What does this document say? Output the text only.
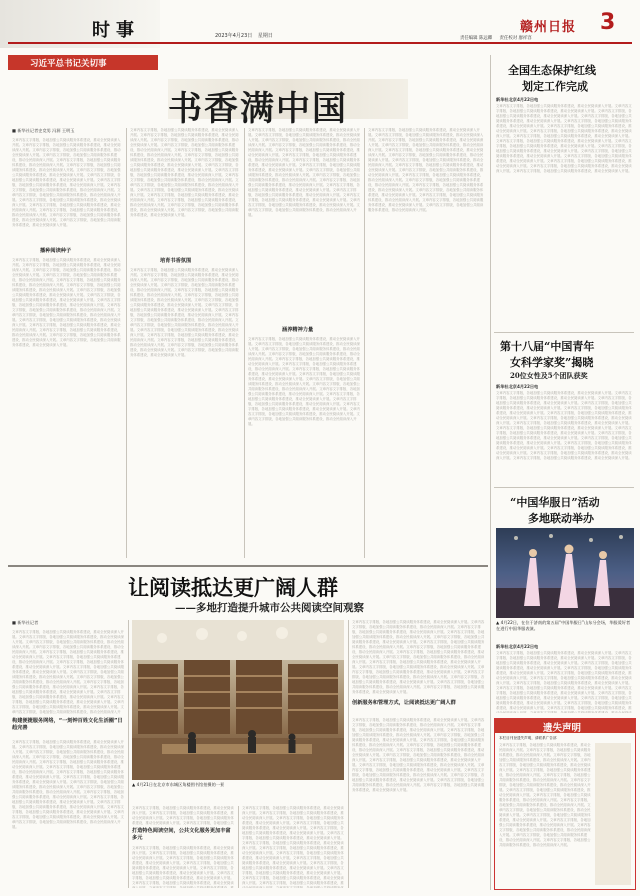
时事	2023年4月23日 星期日
赣州日报 3
责任编辑 陈远卿 责任校对 廖祥容
习近平总书记关切事
书香满中国
■ 新华社记者史竞男 冯源 王明玉
文章内容文字排版，各地加强公共阅读服务体系建设，推动全民阅读深入开展。文章内容文字排版，各地加强公共阅读服务体系建设，推动全民阅读深入开展。文章内容文字排版，各地加强公共阅读服务体系建设，推动全民阅读深入开展。文章内容文字排版，各地加强公共阅读服务体系建设，推动全民阅读深入开展。文章内容文字排版，各地加强公共阅读服务体系建设，推动全民阅读深入开展。文章内容文字排版，各地加强公共阅读服务体系建设，推动全民阅读深入开展。文章内容文字排版，各地加强公共阅读服务体系建设，推动全民阅读深入开展。文章内容文字排版，各地加强公共阅读服务体系建设，推动全民阅读深入开展。文章内容文字排版，各地加强公共阅读服务体系建设，推动全民阅读深入开展。文章内容文字排版，各地加强公共阅读服务体系建设，推动全民阅读深入开展。文章内容文字排版，各地加强公共阅读服务体系建设，推动全民阅读深入开展。文章内容文字排版，各地加强公共阅读服务体系建设，推动全民阅读深入开展。文章内容文字排版，各地加强公共阅读服务体系建设，推动全民阅读深入开展。文章内容文字排版，各地加强公共阅读服务体系建设，推动全民阅读深入开展。文章内容文字排版，各地加强公共阅读服务体系建设，推动全民阅读深入开展。文章内容文字排版，各地加强公共阅读服务体系建设，推动全民阅读深入开展。
播种阅读种子
文章内容文字排版，各地加强公共阅读服务体系建设，推动全民阅读深入开展。文章内容文字排版，各地加强公共阅读服务体系建设，推动全民阅读深入开展。文章内容文字排版，各地加强公共阅读服务体系建设，推动全民阅读深入开展。文章内容文字排版，各地加强公共阅读服务体系建设，推动全民阅读深入开展。文章内容文字排版，各地加强公共阅读服务体系建设，推动全民阅读深入开展。文章内容文字排版，各地加强公共阅读服务体系建设，推动全民阅读深入开展。文章内容文字排版，各地加强公共阅读服务体系建设，推动全民阅读深入开展。文章内容文字排版，各地加强公共阅读服务体系建设，推动全民阅读深入开展。文章内容文字排版，各地加强公共阅读服务体系建设，推动全民阅读深入开展。文章内容文字排版，各地加强公共阅读服务体系建设，推动全民阅读深入开展。文章内容文字排版，各地加强公共阅读服务体系建设，推动全民阅读深入开展。文章内容文字排版，各地加强公共阅读服务体系建设，推动全民阅读深入开展。文章内容文字排版，各地加强公共阅读服务体系建设，推动全民阅读深入开展。文章内容文字排版，各地加强公共阅读服务体系建设，推动全民阅读深入开展。文章内容文字排版，各地加强公共阅读服务体系建设，推动全民阅读深入开展。文章内容文字排版，各地加强公共阅读服务体系建设，推动全民阅读深入开展。
文章内容文字排版，各地加强公共阅读服务体系建设，推动全民阅读深入开展。文章内容文字排版，各地加强公共阅读服务体系建设，推动全民阅读深入开展。文章内容文字排版，各地加强公共阅读服务体系建设，推动全民阅读深入开展。文章内容文字排版，各地加强公共阅读服务体系建设，推动全民阅读深入开展。文章内容文字排版，各地加强公共阅读服务体系建设，推动全民阅读深入开展。文章内容文字排版，各地加强公共阅读服务体系建设，推动全民阅读深入开展。文章内容文字排版，各地加强公共阅读服务体系建设，推动全民阅读深入开展。文章内容文字排版，各地加强公共阅读服务体系建设，推动全民阅读深入开展。文章内容文字排版，各地加强公共阅读服务体系建设，推动全民阅读深入开展。文章内容文字排版，各地加强公共阅读服务体系建设，推动全民阅读深入开展。文章内容文字排版，各地加强公共阅读服务体系建设，推动全民阅读深入开展。文章内容文字排版，各地加强公共阅读服务体系建设，推动全民阅读深入开展。文章内容文字排版，各地加强公共阅读服务体系建设，推动全民阅读深入开展。文章内容文字排版，各地加强公共阅读服务体系建设，推动全民阅读深入开展。文章内容文字排版，各地加强公共阅读服务体系建设，推动全民阅读深入开展。文章内容文字排版，各地加强公共阅读服务体系建设，推动全民阅读深入开展。
培育书香氛围
文章内容文字排版，各地加强公共阅读服务体系建设，推动全民阅读深入开展。文章内容文字排版，各地加强公共阅读服务体系建设，推动全民阅读深入开展。文章内容文字排版，各地加强公共阅读服务体系建设，推动全民阅读深入开展。文章内容文字排版，各地加强公共阅读服务体系建设，推动全民阅读深入开展。文章内容文字排版，各地加强公共阅读服务体系建设，推动全民阅读深入开展。文章内容文字排版，各地加强公共阅读服务体系建设，推动全民阅读深入开展。文章内容文字排版，各地加强公共阅读服务体系建设，推动全民阅读深入开展。文章内容文字排版，各地加强公共阅读服务体系建设，推动全民阅读深入开展。文章内容文字排版，各地加强公共阅读服务体系建设，推动全民阅读深入开展。文章内容文字排版，各地加强公共阅读服务体系建设，推动全民阅读深入开展。文章内容文字排版，各地加强公共阅读服务体系建设，推动全民阅读深入开展。文章内容文字排版，各地加强公共阅读服务体系建设，推动全民阅读深入开展。文章内容文字排版，各地加强公共阅读服务体系建设，推动全民阅读深入开展。文章内容文字排版，各地加强公共阅读服务体系建设，推动全民阅读深入开展。文章内容文字排版，各地加强公共阅读服务体系建设，推动全民阅读深入开展。文章内容文字排版，各地加强公共阅读服务体系建设，推动全民阅读深入开展。
文章内容文字排版，各地加强公共阅读服务体系建设，推动全民阅读深入开展。文章内容文字排版，各地加强公共阅读服务体系建设，推动全民阅读深入开展。文章内容文字排版，各地加强公共阅读服务体系建设，推动全民阅读深入开展。文章内容文字排版，各地加强公共阅读服务体系建设，推动全民阅读深入开展。文章内容文字排版，各地加强公共阅读服务体系建设，推动全民阅读深入开展。文章内容文字排版，各地加强公共阅读服务体系建设，推动全民阅读深入开展。文章内容文字排版，各地加强公共阅读服务体系建设，推动全民阅读深入开展。文章内容文字排版，各地加强公共阅读服务体系建设，推动全民阅读深入开展。文章内容文字排版，各地加强公共阅读服务体系建设，推动全民阅读深入开展。文章内容文字排版，各地加强公共阅读服务体系建设，推动全民阅读深入开展。文章内容文字排版，各地加强公共阅读服务体系建设，推动全民阅读深入开展。文章内容文字排版，各地加强公共阅读服务体系建设，推动全民阅读深入开展。文章内容文字排版，各地加强公共阅读服务体系建设，推动全民阅读深入开展。文章内容文字排版，各地加强公共阅读服务体系建设，推动全民阅读深入开展。文章内容文字排版，各地加强公共阅读服务体系建设，推动全民阅读深入开展。文章内容文字排版，各地加强公共阅读服务体系建设，推动全民阅读深入开展。
涵养精神力量
文章内容文字排版，各地加强公共阅读服务体系建设，推动全民阅读深入开展。文章内容文字排版，各地加强公共阅读服务体系建设，推动全民阅读深入开展。文章内容文字排版，各地加强公共阅读服务体系建设，推动全民阅读深入开展。文章内容文字排版，各地加强公共阅读服务体系建设，推动全民阅读深入开展。文章内容文字排版，各地加强公共阅读服务体系建设，推动全民阅读深入开展。文章内容文字排版，各地加强公共阅读服务体系建设，推动全民阅读深入开展。文章内容文字排版，各地加强公共阅读服务体系建设，推动全民阅读深入开展。文章内容文字排版，各地加强公共阅读服务体系建设，推动全民阅读深入开展。文章内容文字排版，各地加强公共阅读服务体系建设，推动全民阅读深入开展。文章内容文字排版，各地加强公共阅读服务体系建设，推动全民阅读深入开展。文章内容文字排版，各地加强公共阅读服务体系建设，推动全民阅读深入开展。文章内容文字排版，各地加强公共阅读服务体系建设，推动全民阅读深入开展。文章内容文字排版，各地加强公共阅读服务体系建设，推动全民阅读深入开展。文章内容文字排版，各地加强公共阅读服务体系建设，推动全民阅读深入开展。文章内容文字排版，各地加强公共阅读服务体系建设，推动全民阅读深入开展。文章内容文字排版，各地加强公共阅读服务体系建设，推动全民阅读深入开展。
文章内容文字排版，各地加强公共阅读服务体系建设，推动全民阅读深入开展。文章内容文字排版，各地加强公共阅读服务体系建设，推动全民阅读深入开展。文章内容文字排版，各地加强公共阅读服务体系建设，推动全民阅读深入开展。文章内容文字排版，各地加强公共阅读服务体系建设，推动全民阅读深入开展。文章内容文字排版，各地加强公共阅读服务体系建设，推动全民阅读深入开展。文章内容文字排版，各地加强公共阅读服务体系建设，推动全民阅读深入开展。文章内容文字排版，各地加强公共阅读服务体系建设，推动全民阅读深入开展。文章内容文字排版，各地加强公共阅读服务体系建设，推动全民阅读深入开展。文章内容文字排版，各地加强公共阅读服务体系建设，推动全民阅读深入开展。文章内容文字排版，各地加强公共阅读服务体系建设，推动全民阅读深入开展。文章内容文字排版，各地加强公共阅读服务体系建设，推动全民阅读深入开展。文章内容文字排版，各地加强公共阅读服务体系建设，推动全民阅读深入开展。文章内容文字排版，各地加强公共阅读服务体系建设，推动全民阅读深入开展。文章内容文字排版，各地加强公共阅读服务体系建设，推动全民阅读深入开展。文章内容文字排版，各地加强公共阅读服务体系建设，推动全民阅读深入开展。文章内容文字排版，各地加强公共阅读服务体系建设，推动全民阅读深入开展。
让阅读抵达更广阔人群
——多地打造提升城市公共阅读空间观察
■ 新华社记者
文章内容文字排版，各地加强公共阅读服务体系建设，推动全民阅读深入开展。文章内容文字排版，各地加强公共阅读服务体系建设，推动全民阅读深入开展。文章内容文字排版，各地加强公共阅读服务体系建设，推动全民阅读深入开展。文章内容文字排版，各地加强公共阅读服务体系建设，推动全民阅读深入开展。文章内容文字排版，各地加强公共阅读服务体系建设，推动全民阅读深入开展。文章内容文字排版，各地加强公共阅读服务体系建设，推动全民阅读深入开展。文章内容文字排版，各地加强公共阅读服务体系建设，推动全民阅读深入开展。文章内容文字排版，各地加强公共阅读服务体系建设，推动全民阅读深入开展。文章内容文字排版，各地加强公共阅读服务体系建设，推动全民阅读深入开展。文章内容文字排版，各地加强公共阅读服务体系建设，推动全民阅读深入开展。文章内容文字排版，各地加强公共阅读服务体系建设，推动全民阅读深入开展。文章内容文字排版，各地加强公共阅读服务体系建设，推动全民阅读深入开展。文章内容文字排版，各地加强公共阅读服务体系建设，推动全民阅读深入开展。文章内容文字排版，各地加强公共阅读服务体系建设，推动全民阅读深入开展。文章内容文字排版，各地加强公共阅读服务体系建设，推动全民阅读深入开展。文章内容文字排版，各地加强公共阅读服务体系建设，推动全民阅读深入开展。
构建便捷服务网络，“一刻钟百姓文化生活圈”日趋完善
文章内容文字排版，各地加强公共阅读服务体系建设，推动全民阅读深入开展。文章内容文字排版，各地加强公共阅读服务体系建设，推动全民阅读深入开展。文章内容文字排版，各地加强公共阅读服务体系建设，推动全民阅读深入开展。文章内容文字排版，各地加强公共阅读服务体系建设，推动全民阅读深入开展。文章内容文字排版，各地加强公共阅读服务体系建设，推动全民阅读深入开展。文章内容文字排版，各地加强公共阅读服务体系建设，推动全民阅读深入开展。文章内容文字排版，各地加强公共阅读服务体系建设，推动全民阅读深入开展。文章内容文字排版，各地加强公共阅读服务体系建设，推动全民阅读深入开展。文章内容文字排版，各地加强公共阅读服务体系建设，推动全民阅读深入开展。文章内容文字排版，各地加强公共阅读服务体系建设，推动全民阅读深入开展。文章内容文字排版，各地加强公共阅读服务体系建设，推动全民阅读深入开展。文章内容文字排版，各地加强公共阅读服务体系建设，推动全民阅读深入开展。文章内容文字排版，各地加强公共阅读服务体系建设，推动全民阅读深入开展。文章内容文字排版，各地加强公共阅读服务体系建设，推动全民阅读深入开展。文章内容文字排版，各地加强公共阅读服务体系建设，推动全民阅读深入开展。文章内容文字排版，各地加强公共阅读服务体系建设，推动全民阅读深入开展。
▲ 4月21日在北京市东城区角楼图书馆拍摄的一景
文章内容文字排版，各地加强公共阅读服务体系建设，推动全民阅读深入开展。文章内容文字排版，各地加强公共阅读服务体系建设，推动全民阅读深入开展。文章内容文字排版，各地加强公共阅读服务体系建设，推动全民阅读深入开展。文章内容文字排版，各地加强公共阅读服务体系建设，推动全民阅读深入开展。文章内容文字排版，各地加强公共阅读服务体系建设，推动全民阅读深入开展。文章内容文字排版，各地加强公共阅读服务体系建设，推动全民阅读深入开展。文章内容文字排版，各地加强公共阅读服务体系建设，推动全民阅读深入开展。文章内容文字排版，各地加强公共阅读服务体系建设，推动全民阅读深入开展。文章内容文字排版，各地加强公共阅读服务体系建设，推动全民阅读深入开展。文章内容文字排版，各地加强公共阅读服务体系建设，推动全民阅读深入开展。文章内容文字排版，各地加强公共阅读服务体系建设，推动全民阅读深入开展。文章内容文字排版，各地加强公共阅读服务体系建设，推动全民阅读深入开展。文章内容文字排版，各地加强公共阅读服务体系建设，推动全民阅读深入开展。文章内容文字排版，各地加强公共阅读服务体系建设，推动全民阅读深入开展。文章内容文字排版，各地加强公共阅读服务体系建设，推动全民阅读深入开展。文章内容文字排版，各地加强公共阅读服务体系建设，推动全民阅读深入开展。
打造特色阅读空间，公共文化服务更加丰富多元
文章内容文字排版，各地加强公共阅读服务体系建设，推动全民阅读深入开展。文章内容文字排版，各地加强公共阅读服务体系建设，推动全民阅读深入开展。文章内容文字排版，各地加强公共阅读服务体系建设，推动全民阅读深入开展。文章内容文字排版，各地加强公共阅读服务体系建设，推动全民阅读深入开展。文章内容文字排版，各地加强公共阅读服务体系建设，推动全民阅读深入开展。文章内容文字排版，各地加强公共阅读服务体系建设，推动全民阅读深入开展。文章内容文字排版，各地加强公共阅读服务体系建设，推动全民阅读深入开展。文章内容文字排版，各地加强公共阅读服务体系建设，推动全民阅读深入开展。文章内容文字排版，各地加强公共阅读服务体系建设，推动全民阅读深入开展。文章内容文字排版，各地加强公共阅读服务体系建设，推动全民阅读深入开展。文章内容文字排版，各地加强公共阅读服务体系建设，推动全民阅读深入开展。文章内容文字排版，各地加强公共阅读服务体系建设，推动全民阅读深入开展。文章内容文字排版，各地加强公共阅读服务体系建设，推动全民阅读深入开展。文章内容文字排版，各地加强公共阅读服务体系建设，推动全民阅读深入开展。文章内容文字排版，各地加强公共阅读服务体系建设，推动全民阅读深入开展。文章内容文字排版，各地加强公共阅读服务体系建设，推动全民阅读深入开展。
文章内容文字排版，各地加强公共阅读服务体系建设，推动全民阅读深入开展。文章内容文字排版，各地加强公共阅读服务体系建设，推动全民阅读深入开展。文章内容文字排版，各地加强公共阅读服务体系建设，推动全民阅读深入开展。文章内容文字排版，各地加强公共阅读服务体系建设，推动全民阅读深入开展。文章内容文字排版，各地加强公共阅读服务体系建设，推动全民阅读深入开展。文章内容文字排版，各地加强公共阅读服务体系建设，推动全民阅读深入开展。文章内容文字排版，各地加强公共阅读服务体系建设，推动全民阅读深入开展。文章内容文字排版，各地加强公共阅读服务体系建设，推动全民阅读深入开展。文章内容文字排版，各地加强公共阅读服务体系建设，推动全民阅读深入开展。文章内容文字排版，各地加强公共阅读服务体系建设，推动全民阅读深入开展。文章内容文字排版，各地加强公共阅读服务体系建设，推动全民阅读深入开展。文章内容文字排版，各地加强公共阅读服务体系建设，推动全民阅读深入开展。文章内容文字排版，各地加强公共阅读服务体系建设，推动全民阅读深入开展。文章内容文字排版，各地加强公共阅读服务体系建设，推动全民阅读深入开展。文章内容文字排版，各地加强公共阅读服务体系建设，推动全民阅读深入开展。文章内容文字排版，各地加强公共阅读服务体系建设，推动全民阅读深入开展。
文章内容文字排版，各地加强公共阅读服务体系建设，推动全民阅读深入开展。文章内容文字排版，各地加强公共阅读服务体系建设，推动全民阅读深入开展。文章内容文字排版，各地加强公共阅读服务体系建设，推动全民阅读深入开展。文章内容文字排版，各地加强公共阅读服务体系建设，推动全民阅读深入开展。文章内容文字排版，各地加强公共阅读服务体系建设，推动全民阅读深入开展。文章内容文字排版，各地加强公共阅读服务体系建设，推动全民阅读深入开展。文章内容文字排版，各地加强公共阅读服务体系建设，推动全民阅读深入开展。文章内容文字排版，各地加强公共阅读服务体系建设，推动全民阅读深入开展。文章内容文字排版，各地加强公共阅读服务体系建设，推动全民阅读深入开展。文章内容文字排版，各地加强公共阅读服务体系建设，推动全民阅读深入开展。文章内容文字排版，各地加强公共阅读服务体系建设，推动全民阅读深入开展。文章内容文字排版，各地加强公共阅读服务体系建设，推动全民阅读深入开展。文章内容文字排版，各地加强公共阅读服务体系建设，推动全民阅读深入开展。文章内容文字排版，各地加强公共阅读服务体系建设，推动全民阅读深入开展。文章内容文字排版，各地加强公共阅读服务体系建设，推动全民阅读深入开展。文章内容文字排版，各地加强公共阅读服务体系建设，推动全民阅读深入开展。
创新服务和管理方式，让阅读抵达更广阔人群
文章内容文字排版，各地加强公共阅读服务体系建设，推动全民阅读深入开展。文章内容文字排版，各地加强公共阅读服务体系建设，推动全民阅读深入开展。文章内容文字排版，各地加强公共阅读服务体系建设，推动全民阅读深入开展。文章内容文字排版，各地加强公共阅读服务体系建设，推动全民阅读深入开展。文章内容文字排版，各地加强公共阅读服务体系建设，推动全民阅读深入开展。文章内容文字排版，各地加强公共阅读服务体系建设，推动全民阅读深入开展。文章内容文字排版，各地加强公共阅读服务体系建设，推动全民阅读深入开展。文章内容文字排版，各地加强公共阅读服务体系建设，推动全民阅读深入开展。文章内容文字排版，各地加强公共阅读服务体系建设，推动全民阅读深入开展。文章内容文字排版，各地加强公共阅读服务体系建设，推动全民阅读深入开展。文章内容文字排版，各地加强公共阅读服务体系建设，推动全民阅读深入开展。文章内容文字排版，各地加强公共阅读服务体系建设，推动全民阅读深入开展。文章内容文字排版，各地加强公共阅读服务体系建设，推动全民阅读深入开展。文章内容文字排版，各地加强公共阅读服务体系建设，推动全民阅读深入开展。文章内容文字排版，各地加强公共阅读服务体系建设，推动全民阅读深入开展。文章内容文字排版，各地加强公共阅读服务体系建设，推动全民阅读深入开展。
全国生态保护红线
划定工作完成
新华社北京4月22日电
文章内容文字排版，各地加强公共阅读服务体系建设，推动全民阅读深入开展。文章内容文字排版，各地加强公共阅读服务体系建设，推动全民阅读深入开展。文章内容文字排版，各地加强公共阅读服务体系建设，推动全民阅读深入开展。文章内容文字排版，各地加强公共阅读服务体系建设，推动全民阅读深入开展。文章内容文字排版，各地加强公共阅读服务体系建设，推动全民阅读深入开展。文章内容文字排版，各地加强公共阅读服务体系建设，推动全民阅读深入开展。文章内容文字排版，各地加强公共阅读服务体系建设，推动全民阅读深入开展。文章内容文字排版，各地加强公共阅读服务体系建设，推动全民阅读深入开展。文章内容文字排版，各地加强公共阅读服务体系建设，推动全民阅读深入开展。文章内容文字排版，各地加强公共阅读服务体系建设，推动全民阅读深入开展。文章内容文字排版，各地加强公共阅读服务体系建设，推动全民阅读深入开展。文章内容文字排版，各地加强公共阅读服务体系建设，推动全民阅读深入开展。文章内容文字排版，各地加强公共阅读服务体系建设，推动全民阅读深入开展。文章内容文字排版，各地加强公共阅读服务体系建设，推动全民阅读深入开展。文章内容文字排版，各地加强公共阅读服务体系建设，推动全民阅读深入开展。文章内容文字排版，各地加强公共阅读服务体系建设，推动全民阅读深入开展。
第十八届“中国青年
女科学家奖”揭晓
20位女性及5个团队获奖
新华社北京4月22日电
文章内容文字排版，各地加强公共阅读服务体系建设，推动全民阅读深入开展。文章内容文字排版，各地加强公共阅读服务体系建设，推动全民阅读深入开展。文章内容文字排版，各地加强公共阅读服务体系建设，推动全民阅读深入开展。文章内容文字排版，各地加强公共阅读服务体系建设，推动全民阅读深入开展。文章内容文字排版，各地加强公共阅读服务体系建设，推动全民阅读深入开展。文章内容文字排版，各地加强公共阅读服务体系建设，推动全民阅读深入开展。文章内容文字排版，各地加强公共阅读服务体系建设，推动全民阅读深入开展。文章内容文字排版，各地加强公共阅读服务体系建设，推动全民阅读深入开展。文章内容文字排版，各地加强公共阅读服务体系建设，推动全民阅读深入开展。文章内容文字排版，各地加强公共阅读服务体系建设，推动全民阅读深入开展。文章内容文字排版，各地加强公共阅读服务体系建设，推动全民阅读深入开展。文章内容文字排版，各地加强公共阅读服务体系建设，推动全民阅读深入开展。文章内容文字排版，各地加强公共阅读服务体系建设，推动全民阅读深入开展。文章内容文字排版，各地加强公共阅读服务体系建设，推动全民阅读深入开展。文章内容文字排版，各地加强公共阅读服务体系建设，推动全民阅读深入开展。文章内容文字排版，各地加强公共阅读服务体系建设，推动全民阅读深入开展。
“中国华服日”活动
多地联动举办
▲ 4月22日，在位于济南的第五届“中国华服日”山东分会场，华服爱好者在进行中国华服表演。
新华社北京4月22日电
文章内容文字排版，各地加强公共阅读服务体系建设，推动全民阅读深入开展。文章内容文字排版，各地加强公共阅读服务体系建设，推动全民阅读深入开展。文章内容文字排版，各地加强公共阅读服务体系建设，推动全民阅读深入开展。文章内容文字排版，各地加强公共阅读服务体系建设，推动全民阅读深入开展。文章内容文字排版，各地加强公共阅读服务体系建设，推动全民阅读深入开展。文章内容文字排版，各地加强公共阅读服务体系建设，推动全民阅读深入开展。文章内容文字排版，各地加强公共阅读服务体系建设，推动全民阅读深入开展。文章内容文字排版，各地加强公共阅读服务体系建设，推动全民阅读深入开展。文章内容文字排版，各地加强公共阅读服务体系建设，推动全民阅读深入开展。文章内容文字排版，各地加强公共阅读服务体系建设，推动全民阅读深入开展。文章内容文字排版，各地加强公共阅读服务体系建设，推动全民阅读深入开展。文章内容文字排版，各地加强公共阅读服务体系建设，推动全民阅读深入开展。文章内容文字排版，各地加强公共阅读服务体系建设，推动全民阅读深入开展。文章内容文字排版，各地加强公共阅读服务体系建设，推动全民阅读深入开展。文章内容文字排版，各地加强公共阅读服务体系建设，推动全民阅读深入开展。文章内容文字排版，各地加强公共阅读服务体系建设，推动全民阅读深入开展。
遗失声明
本栏目刊登遗失声明，请联系广告部
文章内容文字排版，各地加强公共阅读服务体系建设，推动全民阅读深入开展。文章内容文字排版，各地加强公共阅读服务体系建设，推动全民阅读深入开展。文章内容文字排版，各地加强公共阅读服务体系建设，推动全民阅读深入开展。文章内容文字排版，各地加强公共阅读服务体系建设，推动全民阅读深入开展。文章内容文字排版，各地加强公共阅读服务体系建设，推动全民阅读深入开展。文章内容文字排版，各地加强公共阅读服务体系建设，推动全民阅读深入开展。文章内容文字排版，各地加强公共阅读服务体系建设，推动全民阅读深入开展。文章内容文字排版，各地加强公共阅读服务体系建设，推动全民阅读深入开展。文章内容文字排版，各地加强公共阅读服务体系建设，推动全民阅读深入开展。文章内容文字排版，各地加强公共阅读服务体系建设，推动全民阅读深入开展。文章内容文字排版，各地加强公共阅读服务体系建设，推动全民阅读深入开展。文章内容文字排版，各地加强公共阅读服务体系建设，推动全民阅读深入开展。文章内容文字排版，各地加强公共阅读服务体系建设，推动全民阅读深入开展。文章内容文字排版，各地加强公共阅读服务体系建设，推动全民阅读深入开展。文章内容文字排版，各地加强公共阅读服务体系建设，推动全民阅读深入开展。文章内容文字排版，各地加强公共阅读服务体系建设，推动全民阅读深入开展。
